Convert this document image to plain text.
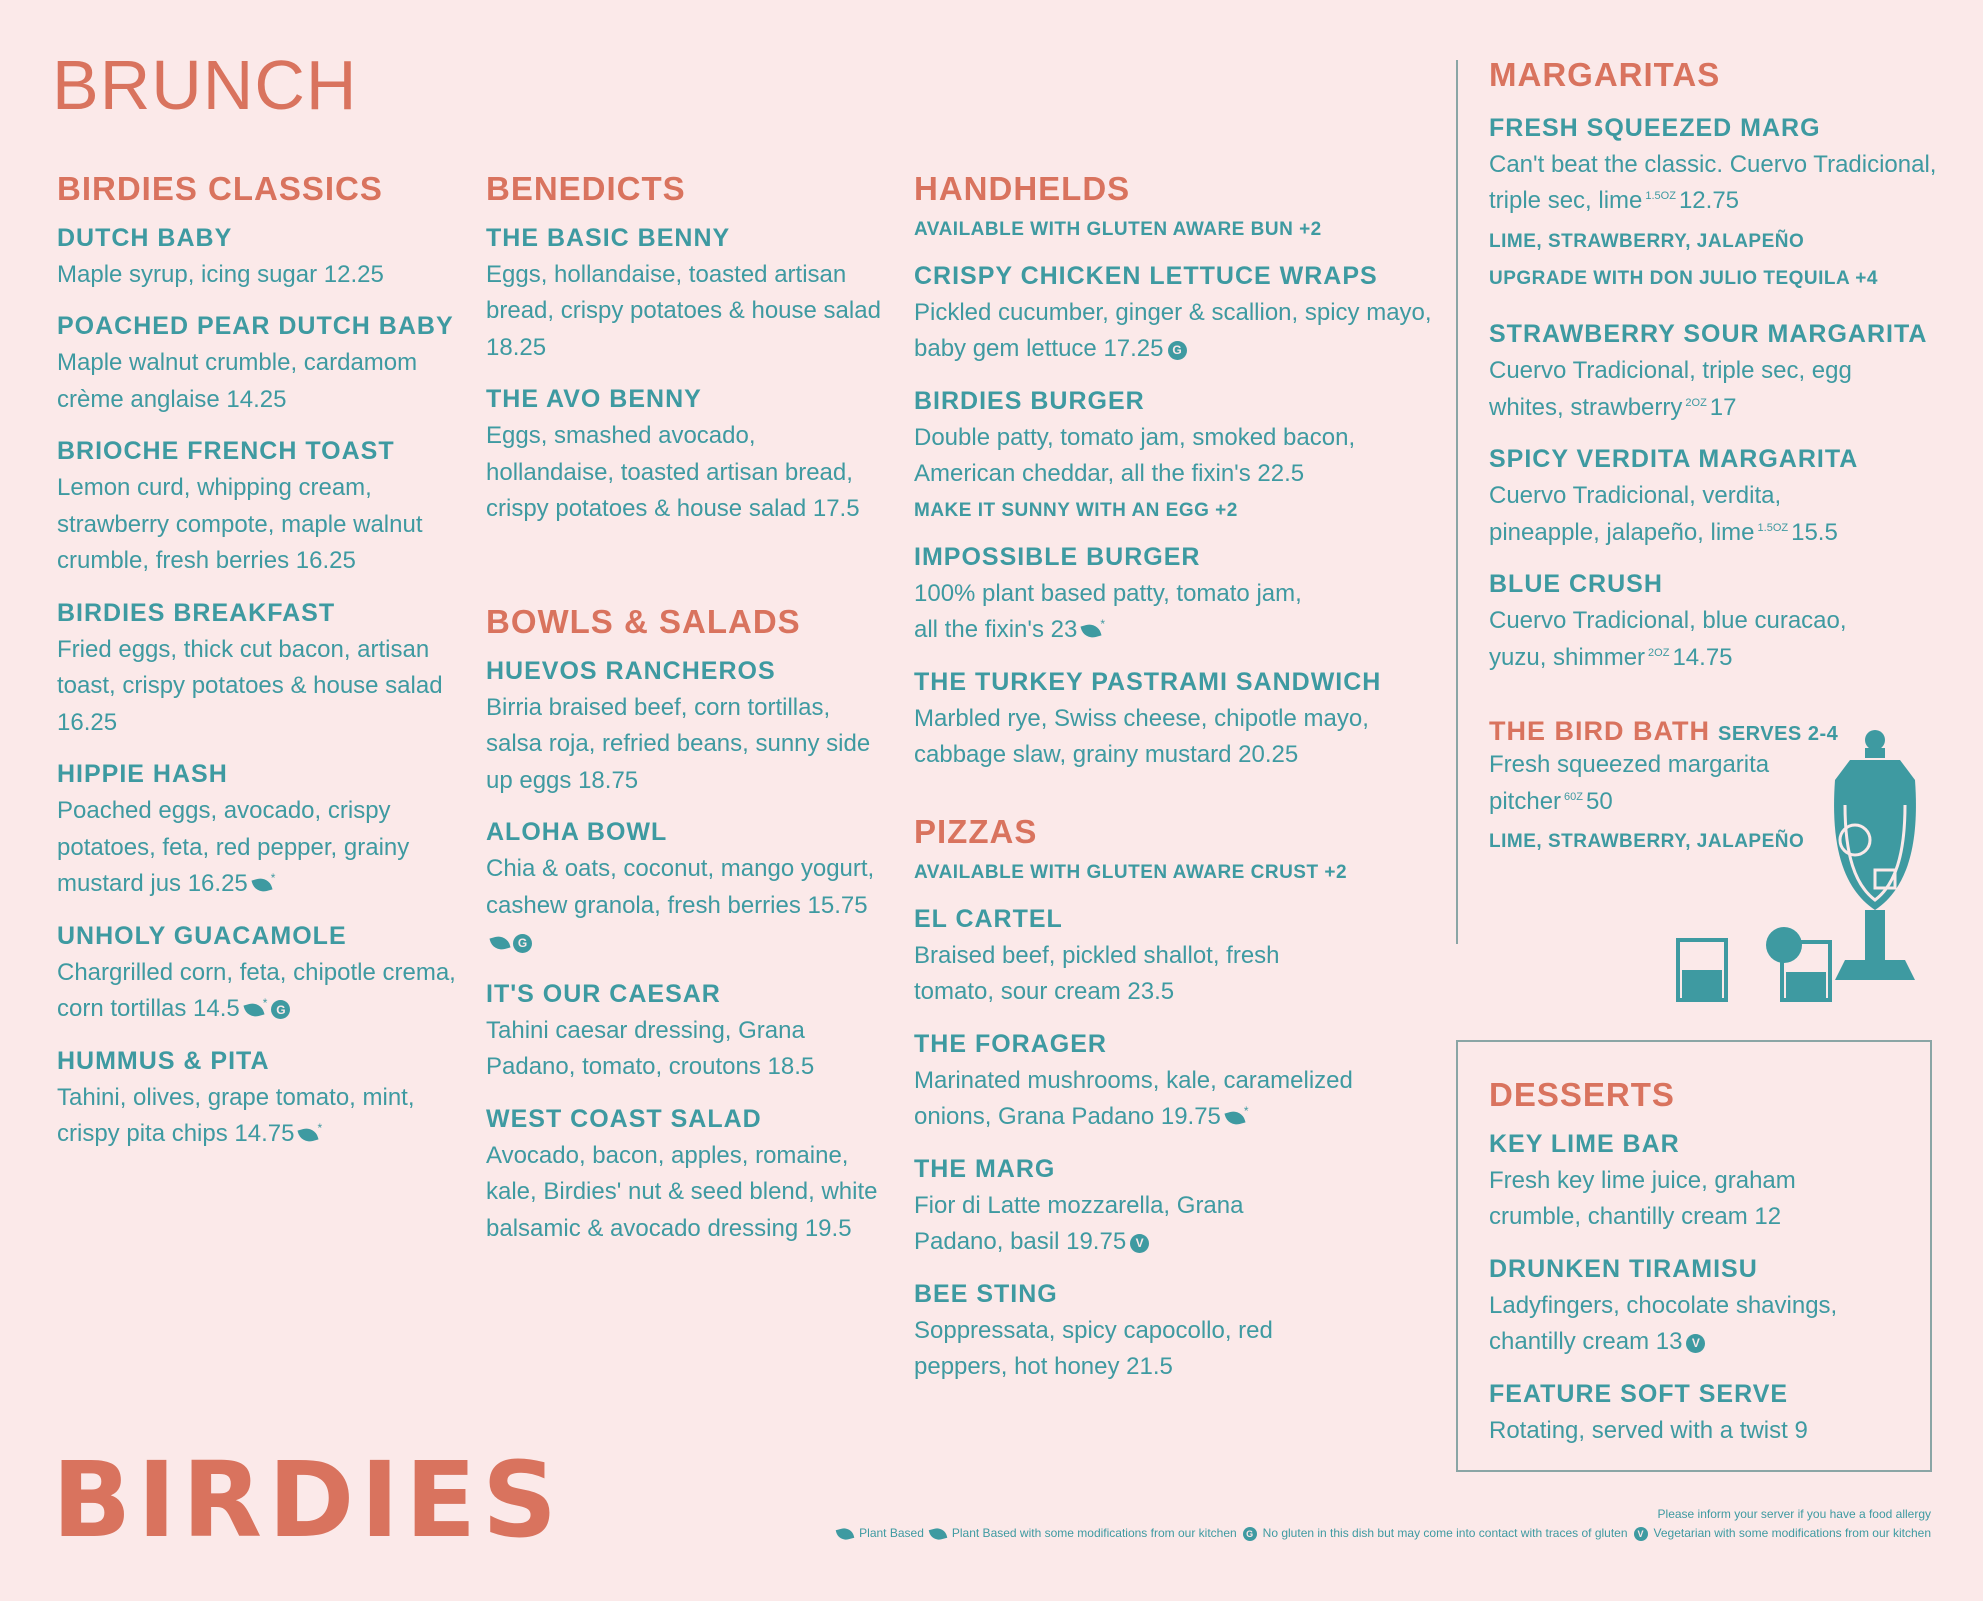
BRUNCH
BIRDIES CLASSICS
DUTCH BABY
Maple syrup, icing sugar 12.25
POACHED PEAR DUTCH BABY
Maple walnut crumble, cardamom crème anglaise 14.25
BRIOCHE FRENCH TOAST
Lemon curd, whipping cream, strawberry compote, maple walnut crumble, fresh berries 16.25
BIRDIES BREAKFAST
Fried eggs, thick cut bacon, artisan toast, crispy potatoes & house salad 16.25
HIPPIE HASH
Poached eggs, avocado, crispy potatoes, feta, red pepper, grainy mustard jus 16.25 *
UNHOLY GUACAMOLE
Chargrilled corn, feta, chipotle crema, corn tortillas 14.5 * G
HUMMUS & PITA
Tahini, olives, grape tomato, mint, crispy pita chips 14.75 *
BENEDICTS
THE BASIC BENNY
Eggs, hollandaise, toasted artisan bread, crispy potatoes & house salad 18.25
THE AVO BENNY
Eggs, smashed avocado, hollandaise, toasted artisan bread, crispy potatoes & house salad 17.5
BOWLS & SALADS
HUEVOS RANCHEROS
Birria braised beef, corn tortillas, salsa roja, refried beans, sunny side up eggs 18.75
ALOHA BOWL
Chia & oats, coconut, mango yogurt, cashew granola, fresh berries 15.75G
IT'S OUR CAESAR
Tahini caesar dressing, Grana Padano, tomato, croutons 18.5
WEST COAST SALAD
Avocado, bacon, apples, romaine, kale, Birdies' nut & seed blend, white balsamic & avocado dressing 19.5
HANDHELDS
AVAILABLE WITH GLUTEN AWARE BUN +2
CRISPY CHICKEN LETTUCE WRAPS
Pickled cucumber, ginger & scallion, spicy mayo, baby gem lettuce 17.25 G
BIRDIES BURGER
Double patty, tomato jam, smoked bacon, American cheddar, all the fixin's 22.5
MAKE IT SUNNY WITH AN EGG +2
IMPOSSIBLE BURGER
100% plant based patty, tomato jam, all the fixin's 23 *
THE TURKEY PASTRAMI SANDWICH
Marbled rye, Swiss cheese, chipotle mayo, cabbage slaw, grainy mustard 20.25
PIZZAS
AVAILABLE WITH GLUTEN AWARE CRUST +2
EL CARTEL
Braised beef, pickled shallot, fresh tomato, sour cream 23.5
THE FORAGER
Marinated mushrooms, kale, caramelized onions, Grana Padano 19.75 *
THE MARG
Fior di Latte mozzarella, Grana Padano, basil 19.75 V
BEE STING
Soppressata, spicy capocollo, red peppers, hot honey 21.5
MARGARITAS
FRESH SQUEEZED MARG
Can't beat the classic. Cuervo Tradicional, triple sec, lime $^{1.5OZ}$ 12.75
LIME, STRAWBERRY, JALAPEÑO
UPGRADE WITH DON JULIO TEQUILA +4
STRAWBERRY SOUR MARGARITA
Cuervo Tradicional, triple sec, egg whites, strawberry $^{2OZ}$ 17
SPICY VERDITA MARGARITA
Cuervo Tradicional, verdita, pineapple, jalapeño, lime $^{1.5OZ}$ 15.5
BLUE CRUSH
Cuervo Tradicional, blue curacao, yuzu, shimmer $^{2OZ}$ 14.75
THE BIRD BATH SERVES 2-4
Fresh squeezed margarita pitcher $^{60Z}$ 50
LIME, STRAWBERRY, JALAPEÑO
DESSERTS
KEY LIME BAR
Fresh key lime juice, graham crumble, chantilly cream 12
DRUNKEN TIRAMISU
Ladyfingers, chocolate shavings, chantilly cream 13 V
FEATURE SOFT SERVE
Rotating, served with a twist 9
BIRDIES	Please inform your server if you have a food allergy
Plant Based Plant Based with some modifications from our kitchen	G No gluten in this dish but may come into contact with traces of gluten	V Vegetarian with some modifications from our kitchen
